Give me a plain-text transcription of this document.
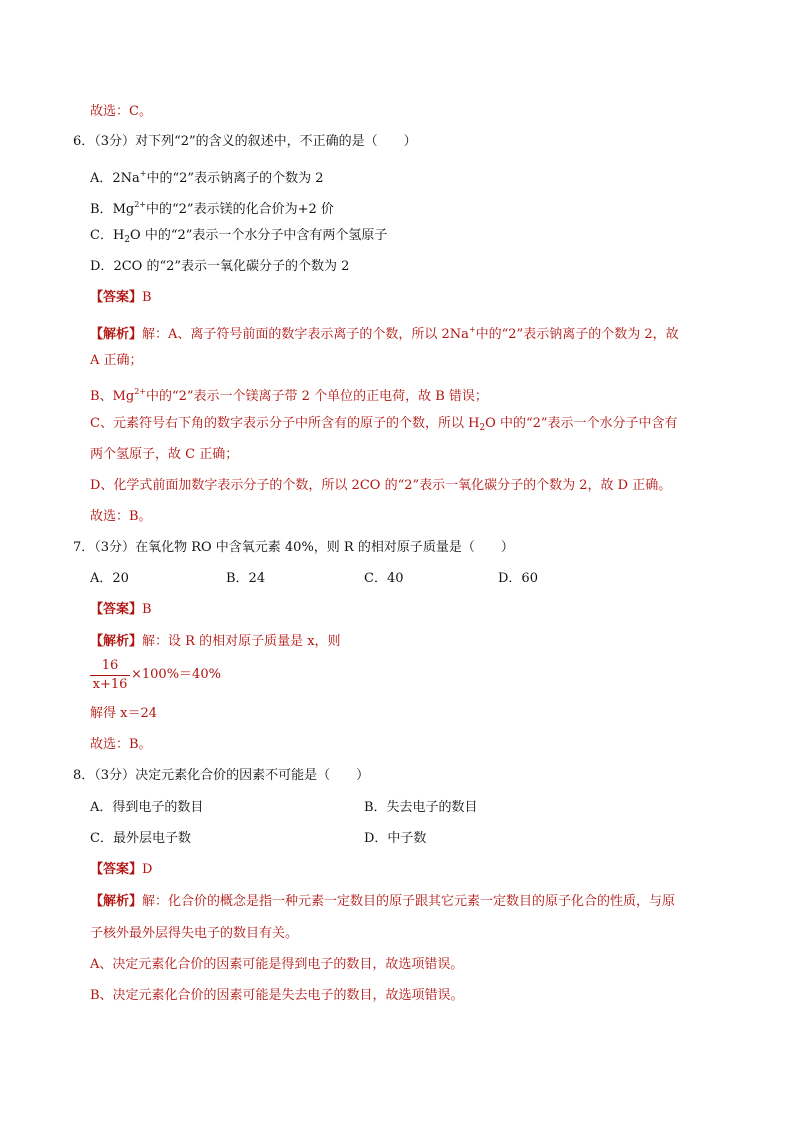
故选：C。
6．（3分）对下列“2”的含义的叙述中，不正确的是（　　）
A．2Na+中的“2”表示钠离子的个数为 2
B．$Mg^{2+}$中的“2”表示镁的化合价为+2 价
C．$H_2O$ 中的“2”表示一个水分子中含有两个氢原子
D．2CO 的“2”表示一氧化碳分子的个数为 2
【答案】B
【解析】解：A、离子符号前面的数字表示离子的个数，所以 2Na+中的“2”表示钠离子的个数为 2，故
A 正确；
B、$Mg^{2+}$中的“2”表示一个镁离子带 2 个单位的正电荷，故 B 错误；
C、元素符号右下角的数字表示分子中所含有的原子的个数，所以 $H_2O$ 中的“2”表示一个水分子中含有
两个氢原子，故 C 正确；
D、化学式前面加数字表示分子的个数，所以 2CO 的“2”表示一氧化碳分子的个数为 2，故 D 正确。
故选：B。
7．（3分）在氧化物 RO 中含氧元素 40%，则 R 的相对原子质量是（　　）
A．20	B．24	C．40	D．60
【答案】B
【解析】解：设 R 的相对原子质量是 x，则
$\frac{16}{x+16} \times 100\%=40\%$
解得 x＝24
故选：B。
8．（3分）决定元素化合价的因素不可能是（　　）
A．得到电子的数目	B．失去电子的数目
C．最外层电子数	D．中子数
【答案】D
【解析】解：化合价的概念是指一种元素一定数目的原子跟其它元素一定数目的原子化合的性质，与原
子核外最外层得失电子的数目有关。
A、决定元素化合价的因素可能是得到电子的数目，故选项错误。
B、决定元素化合价的因素可能是失去电子的数目，故选项错误。
